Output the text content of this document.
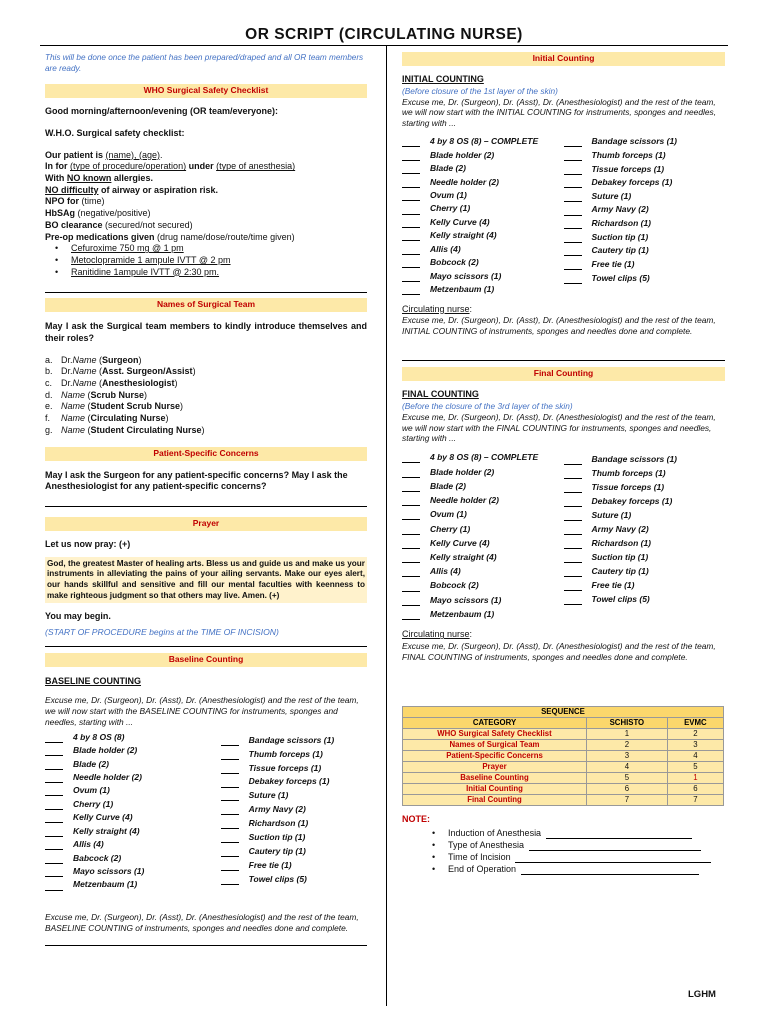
OR SCRIPT (CIRCULATING NURSE)
This will be done once the patient has been prepared/draped and all OR team members are ready.
WHO Surgical Safety Checklist
Good morning/afternoon/evening (OR team/everyone):
W.H.O. Surgical safety checklist:
Our patient is (name), (age).
In for (type of procedure/operation) under (type of anesthesia)
With NO known allergies.
NO difficulty of airway or aspiration risk.
NPO for (time)
HbSAg (negative/positive)
BO clearance (secured/not secured)
Pre-op medications given (drug name/dose/route/time given)
• Cefuroxime 750 mg @ 1 pm
• Metoclopramide 1 ampule IVTT @ 2 pm
• Ranitidine 1ampule IVTT @ 2:30 pm.
Names of Surgical Team
May I ask the Surgical team members to kindly introduce themselves and their roles?
a. Dr. Name ( Surgeon )
b. Dr. Name ( Asst. Surgeon/Assist )
c. Dr. Name ( Anesthesiologist )
d. Name ( Scrub Nurse )
e. Name ( Student Scrub Nurse )
f.	Name ( Circulating Nurse )
g. Name ( Student Circulating Nurse )
Patient-Specific Concerns
May I ask the Surgeon for any patient-specific concerns? May I ask the Anesthesiologist for any patient-specific concerns?
Prayer
Let us now pray: (+)
God, the greatest Master of healing arts. Bless us and guide us and make us your instruments in alleviating the pains of your ailing servants. Make our eyes alert, our hands skillful and sensitive and fill our mental faculties with keenness to make righteous judgment so that others may live. Amen. (+)
You may begin.
(START OF PROCEDURE begins at the TIME OF INCISION)
Baseline Counting
BASELINE COUNTING
Excuse me, Dr. (Surgeon), Dr. (Asst), Dr. (Anesthesiologist) and the rest of the team, we will now start with the BASELINE COUNTING for instruments, sponges and needles, starting with ...
4 by 8 OS (8)
Blade holder (2)
Blade (2)
Needle holder (2)
Ovum (1)
Cherry (1)
Kelly Curve (4)
Kelly straight (4)
Allis (4)
Babcock (2)
Mayo scissors (1)
Metzenbaum (1)
Bandage scissors (1)
Thumb forceps (1)
Tissue forceps (1)
Debakey forceps (1)
Suture (1)
Army Navy (2)
Richardson (1)
Suction tip (1)
Cautery tip (1)
Free tie (1)
Towel clips (5)
Excuse me, Dr. (Surgeon), Dr. (Asst), Dr. (Anesthesiologist) and the rest of the team, BASELINE COUNTING of instruments, sponges and needles done and complete.
Initial Counting
INITIAL COUNTING
(Before closure of the 1st layer of the skin)
Excuse me, Dr. (Surgeon), Dr. (Asst), Dr. (Anesthesiologist) and the rest of the team, we will now start with the INITIAL COUNTING for instruments, sponges and needles, starting with ...
4 by 8 OS (8) – COMPLETE
Blade holder (2)
Blade (2)
Needle holder (2)
Ovum (1)
Cherry (1)
Kelly Curve (4)
Kelly straight (4)
Allis (4)
Bobcock (2)
Mayo scissors (1)
Metzenbaum (1)
Bandage scissors (1)
Thumb forceps (1)
Tissue forceps (1)
Debakey forceps (1)
Suture (1)
Army Navy (2)
Richardson (1)
Suction tip (1)
Cautery tip (1)
Free tie (1)
Towel clips (5)
Circulating nurse:
Excuse me, Dr. (Surgeon), Dr. (Asst), Dr. (Anesthesiologist) and the rest of the team, INITIAL COUNTING of instruments, sponges and needles done and complete.
Final Counting
FINAL COUNTING
(Before the closure of the 3rd layer of the skin)
Excuse me, Dr. (Surgeon), Dr. (Asst), Dr. (Anesthesiologist) and the rest of the team, we will now start with the FINAL COUNTING for instruments, sponges and needles, starting with ...
4 by 8 OS (8) – COMPLETE
Blade holder (2)
Blade (2)
Needle holder (2)
Ovum (1)
Cherry (1)
Kelly Curve (4)
Kelly straight (4)
Allis (4)
Bobcock (2)
Mayo scissors (1)
Metzenbaum (1)
Bandage scissors (1)
Thumb forceps (1)
Tissue forceps (1)
Debakey forceps (1)
Suture (1)
Army Navy (2)
Richardson (1)
Suction tip (1)
Cautery tip (1)
Free tie (1)
Towel clips (5)
Circulating nurse:
Excuse me, Dr. (Surgeon), Dr. (Asst), Dr. (Anesthesiologist) and the rest of the team, FINAL COUNTING of instruments, sponges and needles done and complete.
SEQUENCE		
CATEGORY	SCHISTO	EVMC
WHO Surgical Safety Checklist	1	2
Names of Surgical Team	2	3
Patient-Specific Concerns	3	4
Prayer	4	5
Baseline Counting	5	1
Initial Counting	6	6
Final Counting	7	7
NOTE:
• Induction of Anesthesia
• Type of Anesthesia
• Time of Incision
• End of Operation
LGHM
